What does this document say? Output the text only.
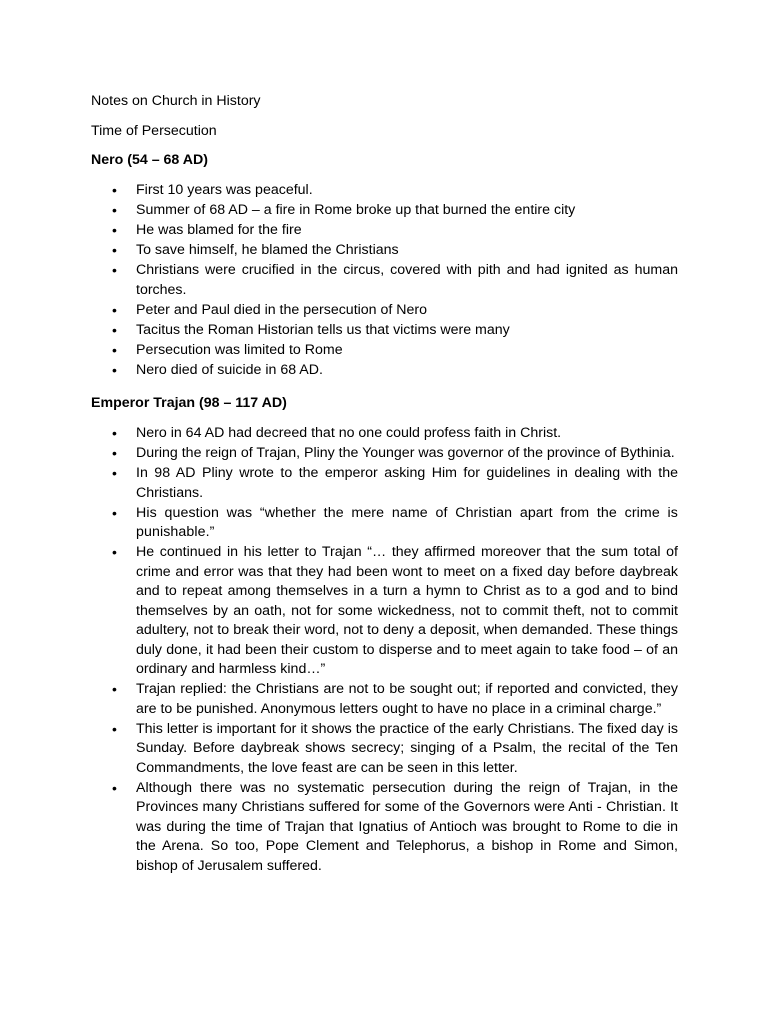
Notes on Church in History

Time of Persecution

Nero (54 – 68 AD)

• First 10 years was peaceful.
• Summer of 68 AD – a fire in Rome broke up that burned the entire city
• He was blamed for the fire
• To save himself, he blamed the Christians
• Christians were crucified in the circus, covered with pith and had ignited as human torches.
• Peter and Paul died in the persecution of Nero
• Tacitus the Roman Historian tells us that victims were many
• Persecution was limited to Rome
• Nero died of suicide in 68 AD.

Emperor Trajan (98 – 117 AD)

• Nero in 64 AD had decreed that no one could profess faith in Christ.
• During the reign of Trajan, Pliny the Younger was governor of the province of Bythinia.
• In 98 AD Pliny wrote to the emperor asking Him for guidelines in dealing with the Christians.
• His question was “whether the mere name of Christian apart from the crime is punishable.”
• He continued in his letter to Trajan “… they affirmed moreover that the sum total of crime and error was that they had been wont to meet on a fixed day before daybreak and to repeat among themselves in a turn a hymn to Christ as to a god and to bind themselves by an oath, not for some wickedness, not to commit theft, not to commit adultery, not to break their word, not to deny a deposit, when demanded. These things duly done, it had been their custom to disperse and to meet again to take food – of an ordinary and harmless kind…”
• Trajan replied: the Christians are not to be sought out; if reported and convicted, they are to be punished. Anonymous letters ought to have no place in a criminal charge.”
• This letter is important for it shows the practice of the early Christians. The fixed day is Sunday. Before daybreak shows secrecy; singing of a Psalm, the recital of the Ten Commandments, the love feast are can be seen in this letter.
• Although there was no systematic persecution during the reign of Trajan, in the Provinces many Christians suffered for some of the Governors were Anti - Christian. It was during the time of Trajan that Ignatius of Antioch was brought to Rome to die in the Arena. So too, Pope Clement and Telephorus, a bishop in Rome and Simon, bishop of Jerusalem suffered.
